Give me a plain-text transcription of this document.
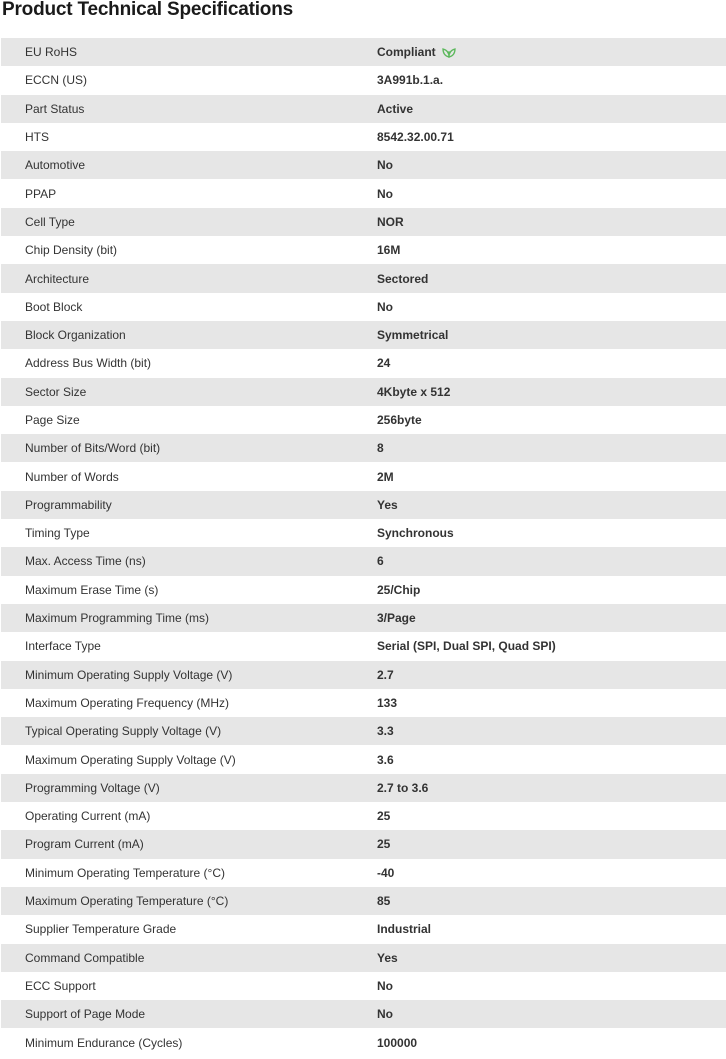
Product Technical Specifications
EU RoHS	Compliant
ECCN (US)	3A991b.1.a.
Part Status	Active
HTS	8542.32.00.71
Automotive	No
PPAP	No
Cell Type	NOR
Chip Density (bit)	16M
Architecture	Sectored
Boot Block	No
Block Organization	Symmetrical
Address Bus Width (bit)	24
Sector Size	4Kbyte x 512
Page Size	256byte
Number of Bits/Word (bit)	8
Number of Words	2M
Programmability	Yes
Timing Type	Synchronous
Max. Access Time (ns)	6
Maximum Erase Time (s)	25/Chip
Maximum Programming Time (ms)	3/Page
Interface Type	Serial (SPI, Dual SPI, Quad SPI)
Minimum Operating Supply Voltage (V)	2.7
Maximum Operating Frequency (MHz)	133
Typical Operating Supply Voltage (V)	3.3
Maximum Operating Supply Voltage (V)	3.6
Programming Voltage (V)	2.7 to 3.6
Operating Current (mA)	25
Program Current (mA)	25
Minimum Operating Temperature (°C)	-40
Maximum Operating Temperature (°C)	85
Supplier Temperature Grade	Industrial
Command Compatible	Yes
ECC Support	No
Support of Page Mode	No
Minimum Endurance (Cycles)	100000
